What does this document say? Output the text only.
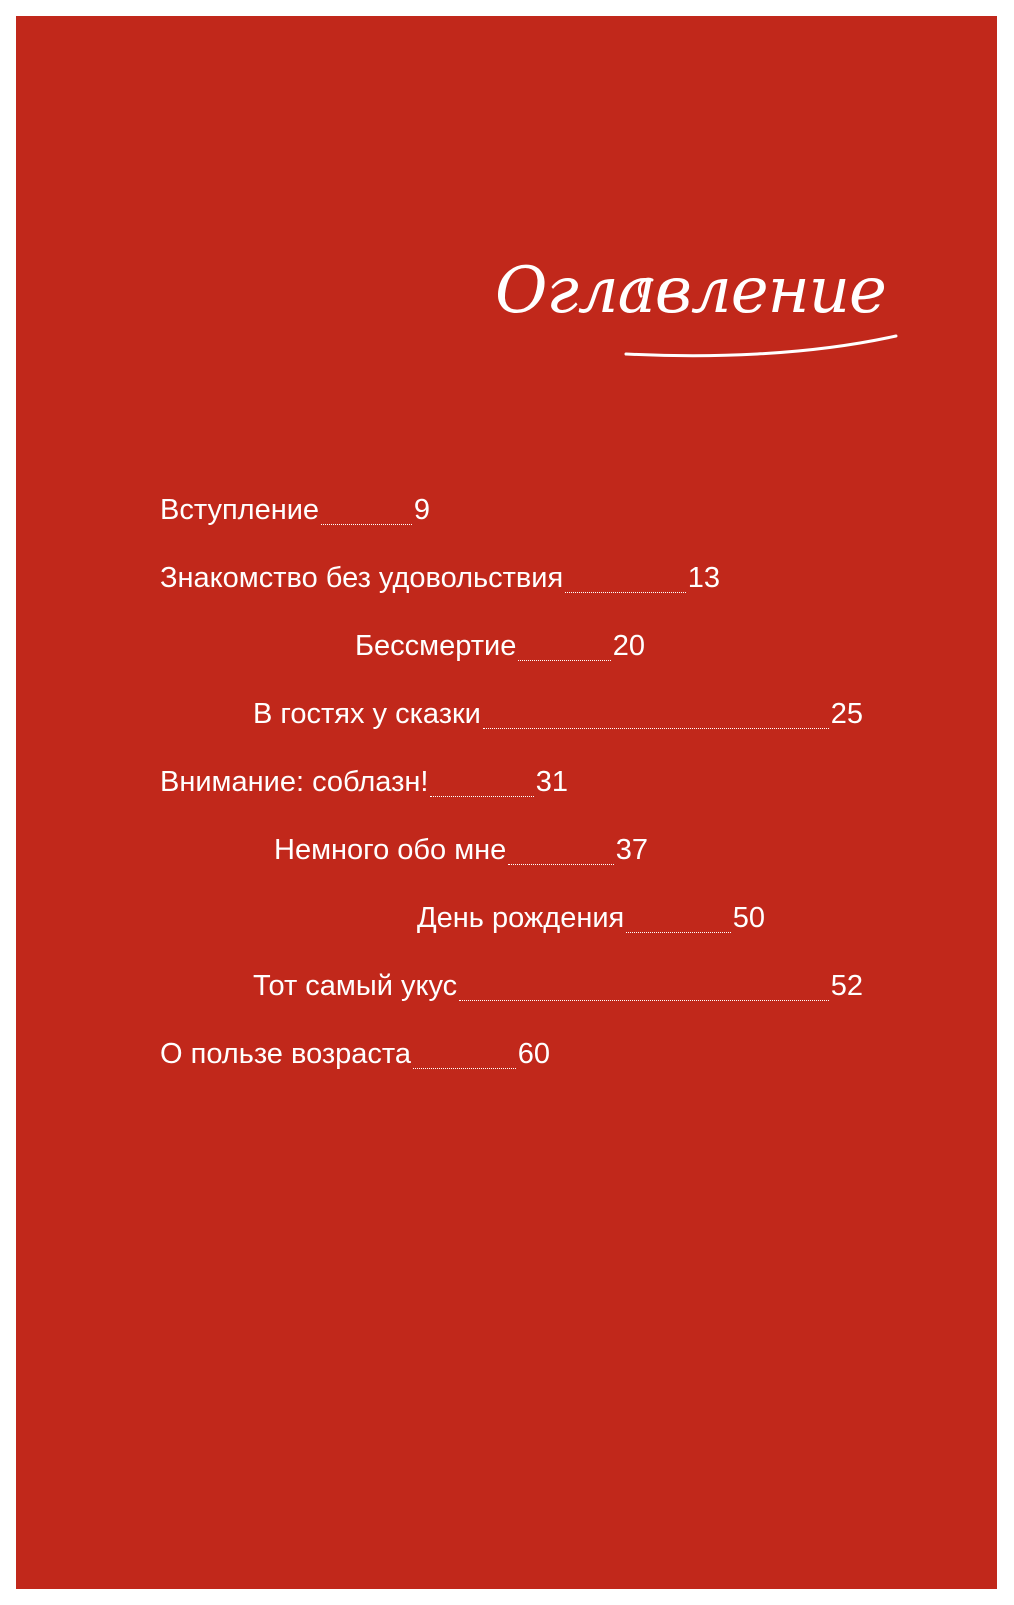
Оглавление
Вступление	9
Знакомство без удовольствия	13
Бессмертие	20
В гостях у сказки	25
Внимание: соблазн!	31
Немного обо мне	37
День рождения	50
Тот самый укус	52
О пользе возраста	60
